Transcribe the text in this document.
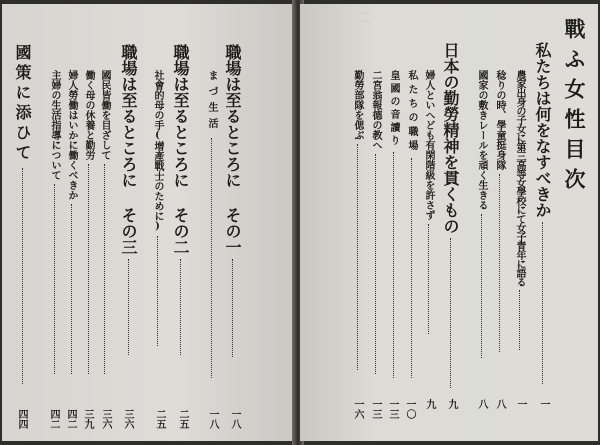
職場は至るところに その一
一八
まづ生活
一八
職場は至るところに その二
二五
社會的母の手(增產戰士のために)
二五
職場は至るところに その三
三六
國民皆働を目ざして
三六
働く母の休養と勤労
三九
婦人勞働はいかに働くべきか
四二
主婦の生活指導について
四二
國策に添ひて
四四
戰ふ女性目次
二
私たちは何をなすべきか
一
農家出身の子女に第三高等女學校にて女子青年に語る
一
稔りの時、學童挺身隊
八
國家の敷きレールを頑く生きる
八
日本の勤勞精神を貫くもの
九
婦人といへども有閑階級を許さず
九
私たちの職場
一〇
皇國の音讀り
一三
二宮翁報德の教へ
一三
勤勞部隊を偲ぶ
一六
